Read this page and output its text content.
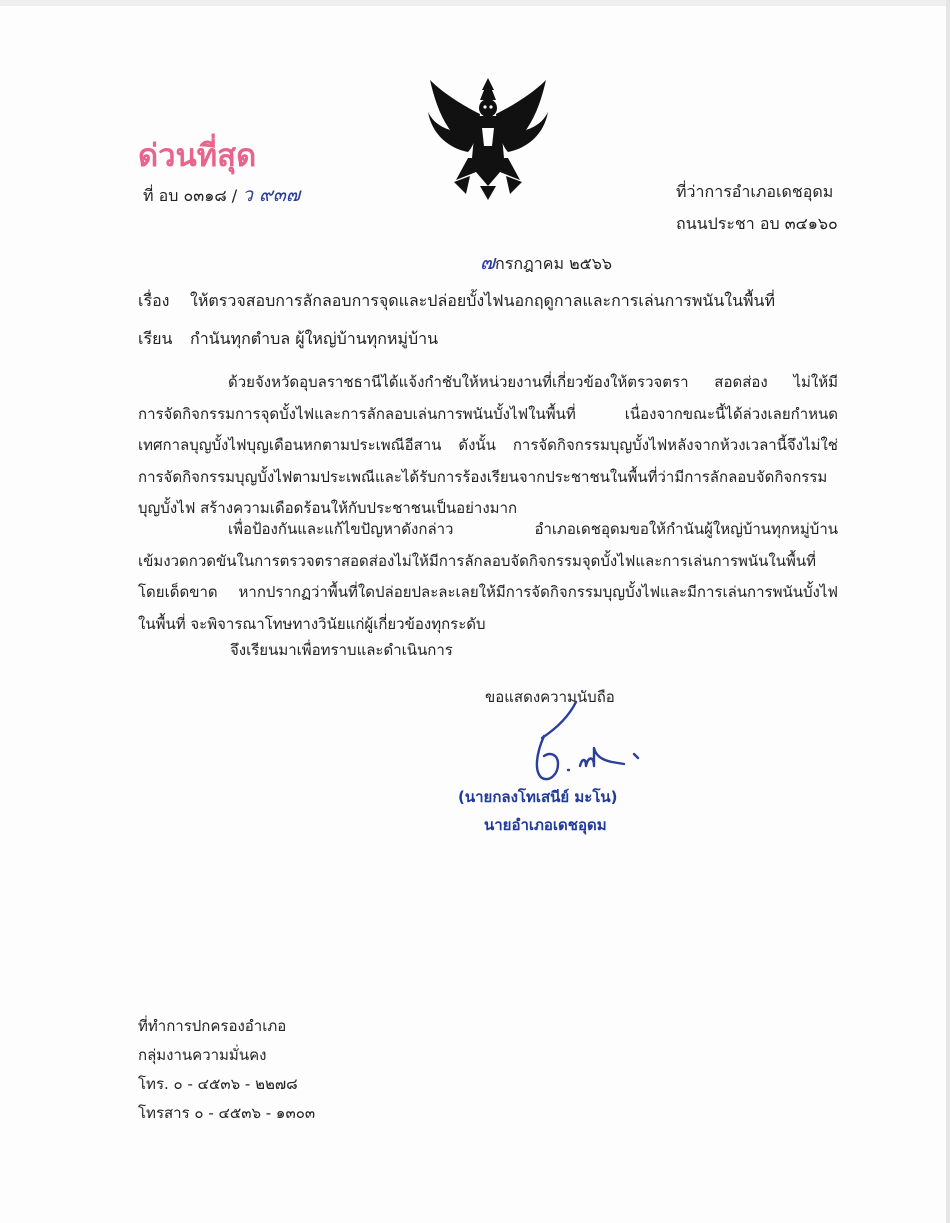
ด่วนที่สุด
ที่ อบ ๐๓๑๘ / ว ๙๓๗	ที่ว่าการอำเภอเดชอุดม
ถนนประชา อบ ๓๔๑๖๐
๗กรกฎาคม ๒๕๖๖
เรื่อง ให้ตรวจสอบการลักลอบการจุดและปล่อยบั้งไฟนอกฤดูกาลและการเล่นการพนันในพื้นที่
เรียน กำนันทุกตำบล ผู้ใหญ่บ้านทุกหมู่บ้าน
ด้วยจังหวัดอุบลราชธานีได้แจ้งกำชับให้หน่วยงานที่เกี่ยวข้องให้ตรวจตรา สอดส่อง ไม่ให้มี
การจัดกิจกรรมการจุดบั้งไฟและการลักลอบเล่นการพนันบั้งไฟในพื้นที่ เนื่องจากขณะนี้ได้ล่วงเลยกำหนด
เทศกาลบุญบั้งไฟบุญเดือนหกตามประเพณีอีสาน ดังนั้น การจัดกิจกรรมบุญบั้งไฟหลังจากห้วงเวลานี้จึงไม่ใช่
การจัดกิจกรรมบุญบั้งไฟตามประเพณีและได้รับการร้องเรียนจากประชาชนในพื้นที่ว่ามีการลักลอบจัดกิจกรรม
บุญบั้งไฟ สร้างความเดือดร้อนให้กับประชาชนเป็นอย่างมาก
เพื่อป้องกันและแก้ไขปัญหาดังกล่าว อำเภอเดชอุดมขอให้กำนันผู้ใหญ่บ้านทุกหมู่บ้าน
เข้มงวดกวดขันในการตรวจตราสอดส่องไม่ให้มีการลักลอบจัดกิจกรรมจุดบั้งไฟและการเล่นการพนันในพื้นที่
โดยเด็ดขาด หากปรากฏว่าพื้นที่ใดปล่อยปละละเลยให้มีการจัดกิจกรรมบุญบั้งไฟและมีการเล่นการพนันบั้งไฟ
ในพื้นที่ จะพิจารณาโทษทางวินัยแก่ผู้เกี่ยวข้องทุกระดับ
จึงเรียนมาเพื่อทราบและดำเนินการ
ขอแสดงความนับถือ
(นายกลงโทเสนีย์ มะโน)
นายอำเภอเดชอุดม
ที่ทำการปกครองอำเภอ
กลุ่มงานความมั่นคง
โทร. ๐ - ๔๕๓๖ - ๒๒๗๘
โทรสาร ๐ - ๔๕๓๖ - ๑๓๐๓
